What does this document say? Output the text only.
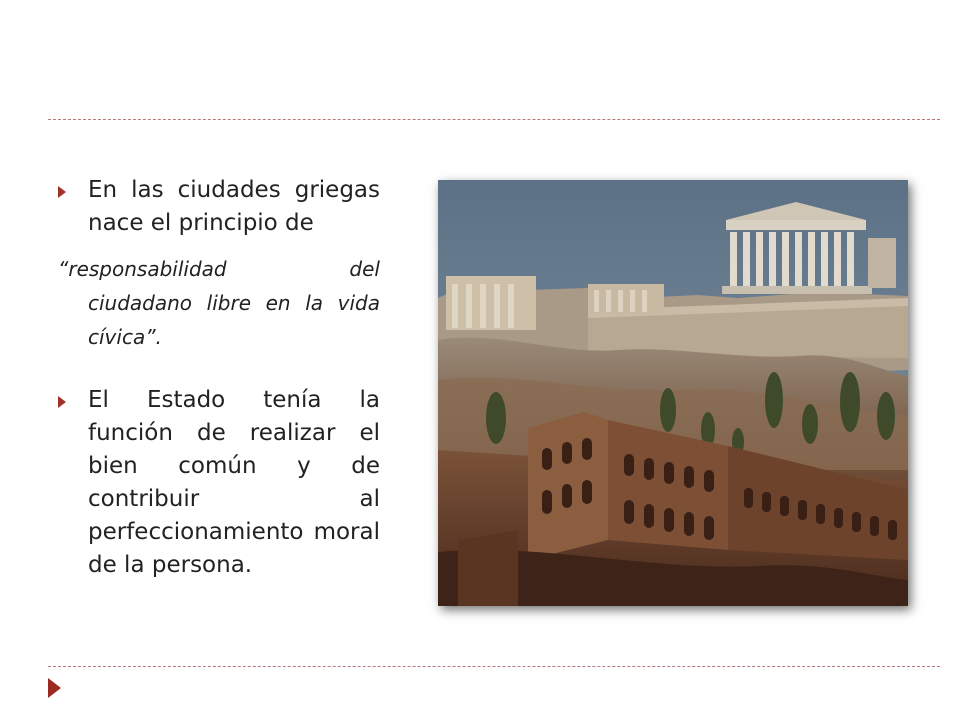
En las ciudades griegas nace el principio de
“responsabilidad del
ciudadano libre en la vida cívica”.
El Estado tenía la función de realizar el bien común y de contribuir al perfeccionamiento moral de la persona.
